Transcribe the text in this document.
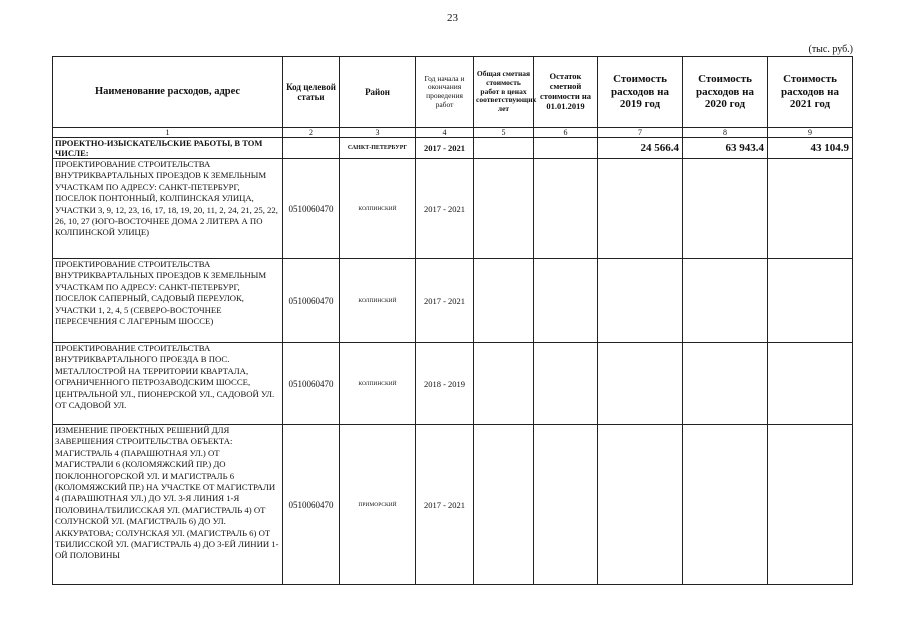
23
(тыс. руб.)
Наименование расходов, адрес	Код целевой статьи	Район	Год начала и окончания проведения работ	Общая сметная стоимость работ в ценах соответствующих лет	Остаток сметной стоимости на 01.01.2019	Стоимость расходов на 2019 год	Стоимость расходов на 2020 год	Стоимость расходов на 2021 год
1	2	3	4	5	6	7	8	9
ПРОЕКТНО-ИЗЫСКАТЕЛЬСКИЕ РАБОТЫ, В ТОМ ЧИСЛЕ:		САНКТ-ПЕТЕРБУРГ	2017 - 2021			24 566.4	63 943.4	43 104.9
ПРОЕКТИРОВАНИЕ СТРОИТЕЛЬСТВА ВНУТРИКВАРТАЛЬНЫХ ПРОЕЗДОВ К ЗЕМЕЛЬНЫМ УЧАСТКАМ ПО АДРЕСУ: САНКТ-ПЕТЕРБУРГ, ПОСЕЛОК ПОНТОННЫЙ, КОЛПИНСКАЯ УЛИЦА, УЧАСТКИ 3, 9, 12, 23, 16, 17, 18, 19, 20, 11, 2, 24, 21, 25, 22, 26, 10, 27 (ЮГО-ВОСТОЧНЕЕ ДОМА 2 ЛИТЕРА А ПО КОЛПИНСКОЙ УЛИЦЕ)	0510060470	КОЛПИНСКИЙ	2017 - 2021					
ПРОЕКТИРОВАНИЕ СТРОИТЕЛЬСТВА ВНУТРИКВАРТАЛЬНЫХ ПРОЕЗДОВ К ЗЕМЕЛЬНЫМ УЧАСТКАМ ПО АДРЕСУ: САНКТ-ПЕТЕРБУРГ, ПОСЕЛОК САПЕРНЫЙ, САДОВЫЙ ПЕРЕУЛОК, УЧАСТКИ 1, 2, 4, 5 (СЕВЕРО-ВОСТОЧНЕЕ ПЕРЕСЕЧЕНИЯ С ЛАГЕРНЫМ ШОССЕ)	0510060470	КОЛПИНСКИЙ	2017 - 2021					
ПРОЕКТИРОВАНИЕ СТРОИТЕЛЬСТВА ВНУТРИКВАРТАЛЬНОГО ПРОЕЗДА В ПОС. МЕТАЛЛОСТРОЙ НА ТЕРРИТОРИИ КВАРТАЛА, ОГРАНИЧЕННОГО ПЕТРОЗАВОДСКИМ ШОССЕ, ЦЕНТРАЛЬНОЙ УЛ., ПИОНЕРСКОЙ УЛ., САДОВОЙ УЛ. ОТ САДОВОЙ УЛ.	0510060470	КОЛПИНСКИЙ	2018 - 2019					
ИЗМЕНЕНИЕ ПРОЕКТНЫХ РЕШЕНИЙ ДЛЯ ЗАВЕРШЕНИЯ СТРОИТЕЛЬСТВА ОБЪЕКТА: МАГИСТРАЛЬ 4 (ПАРАШЮТНАЯ УЛ.) ОТ МАГИСТРАЛИ 6 (КОЛОМЯЖСКИЙ ПР.) ДО ПОКЛОННОГОРСКОЙ УЛ. И МАГИСТРАЛЬ 6 (КОЛОМЯЖСКИЙ ПР.) НА УЧАСТКЕ ОТ МАГИСТРАЛИ 4 (ПАРАШЮТНАЯ УЛ.) ДО УЛ. 3-Я ЛИНИЯ 1-Я ПОЛОВИНА/ТБИЛИССКАЯ УЛ. (МАГИСТРАЛЬ 4) ОТ СОЛУНСКОЙ УЛ. (МАГИСТРАЛЬ 6) ДО УЛ. АККУРАТОВА; СОЛУНСКАЯ УЛ. (МАГИСТРАЛЬ 6) ОТ ТБИЛИССКОЙ УЛ. (МАГИСТРАЛЬ 4) ДО 3-ЕЙ ЛИНИИ 1-ОЙ ПОЛОВИНЫ	0510060470	ПРИМОРСКИЙ	2017 - 2021					
